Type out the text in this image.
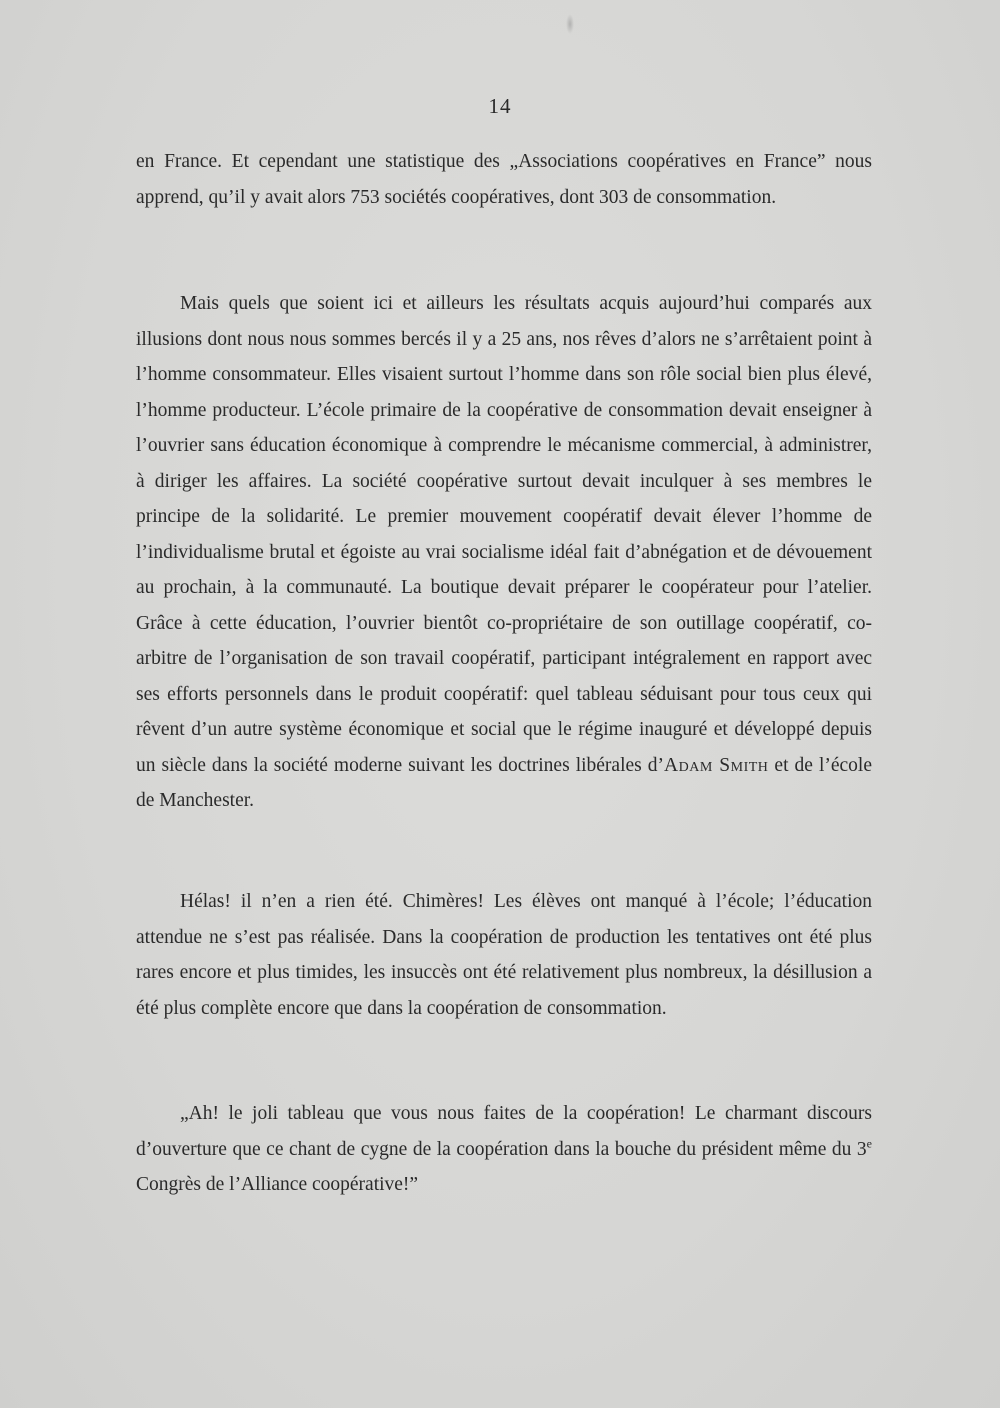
14

en France. Et cependant une statistique des „Associations coopératives en France” nous apprend, qu’il y avait alors 753 sociétés coopératives, dont 303 de consommation.

Mais quels que soient ici et ailleurs les résultats acquis aujourd’hui comparés aux illusions dont nous nous sommes bercés il y a 25 ans, nos rêves d’alors ne s’arrêtaient point à l’homme consommateur. Elles visaient surtout l’homme dans son rôle social bien plus élevé, l’homme producteur. L’école primaire de la coopérative de consommation devait enseigner à l’ouvrier sans éducation économique à comprendre le mécanisme commercial, à administrer, à diriger les affaires. La société coopérative surtout devait inculquer à ses membres le principe de la solidarité. Le premier mouvement coopératif devait élever l’homme de l’individualisme brutal et égoiste au vrai socialisme idéal fait d’abnégation et de dévouement au prochain, à la communauté. La boutique devait préparer le coopérateur pour l’atelier. Grâce à cette éducation, l’ouvrier bientôt co-propriétaire de son outillage coopératif, co-arbitre de l’organisation de son travail coopératif, participant intégralement en rapport avec ses efforts personnels dans le produit coopératif: quel tableau séduisant pour tous ceux qui rêvent d’un autre système économique et social que le régime inauguré et développé depuis un siècle dans la société moderne suivant les doctrines libérales d’Adam Smith et de l’école de Manchester.

Hélas! il n’en a rien été. Chimères! Les élèves ont manqué à l’école; l’éducation attendue ne s’est pas réalisée. Dans la coopération de production les tentatives ont été plus rares encore et plus timides, les insuccès ont été relativement plus nombreux, la désillusion a été plus complète encore que dans la coopération de consommation.

„Ah! le joli tableau que vous nous faites de la coopération! Le charmant discours d’ouverture que ce chant de cygne de la coopération dans la bouche du président même du 3e Congrès de l’Alliance coopérative!”
